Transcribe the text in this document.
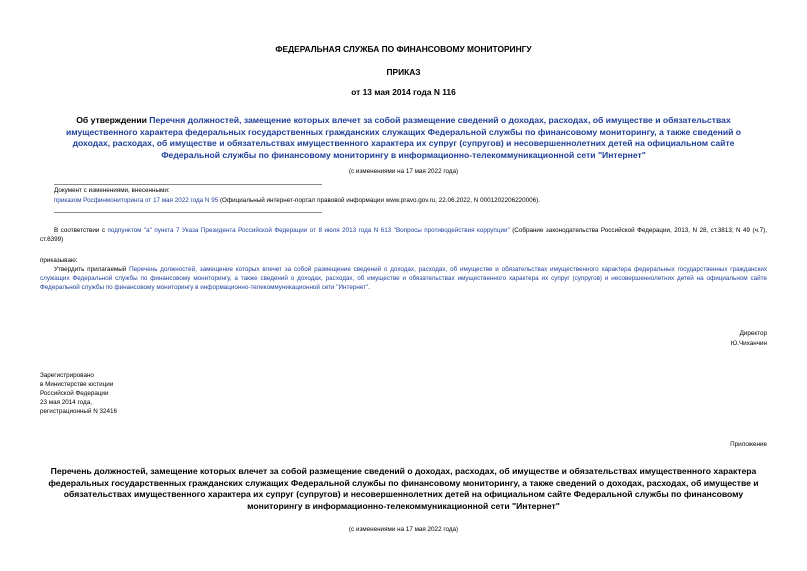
ФЕДЕРАЛЬНАЯ СЛУЖБА ПО ФИНАНСОВОМУ МОНИТОРИНГУ
ПРИКАЗ
от 13 мая 2014 года N 116
Об утверждении Перечня должностей, замещение которых влечет за собой размещение сведений о доходах, расходах, об имуществе и обязательствах имущественного характера федеральных государственных гражданских служащих Федеральной службы по финансовому мониторингу, а также сведений о доходах, расходах, об имуществе и обязательствах имущественного характера их супруг (супругов) и несовершеннолетних детей на официальном сайте Федеральной службы по финансовому мониторингу в информационно-телекоммуникационной сети "Интернет"
(с изменениями на 17 мая 2022 года)
Документ с изменениями, внесенными:
приказом Росфинмониторинга от 17 мая 2022 года N 95 (Официальный интернет-портал правовой информации www.pravo.gov.ru, 22.06.2022, N 0001202206220006).
В соответствии с подпунктом "а" пункта 7 Указа Президента Российской Федерации от 8 июля 2013 года N 613 "Вопросы противодействия коррупции" (Собрание законодательства Российской Федерации, 2013, N 28, ст.3813; N 49 (ч.7), ст.6399)
приказываю:
Утвердить прилагаемый Перечень должностей, замещение которых влечет за собой размещение сведений о доходах, расходах, об имуществе и обязательствах имущественного характера федеральных государственных гражданских служащих Федеральной службы по финансовому мониторингу, а также сведений о доходах, расходах, об имуществе и обязательствах имущественного характера их супруг (супругов) и несовершеннолетних детей на официальном сайте Федеральной службы по финансовому мониторингу в информационно-телекоммуникационной сети "Интернет".
Директор
Ю.Чиханчин
Зарегистрировано
в Министерстве юстиции
Российской Федерации
23 мая 2014 года,
регистрационный N 32416
Приложение
Перечень должностей, замещение которых влечет за собой размещение сведений о доходах, расходах, об имуществе и обязательствах имущественного характера федеральных государственных гражданских служащих Федеральной службы по финансовому мониторингу, а также сведений о доходах, расходах, об имуществе и обязательствах имущественного характера их супруг (супругов) и несовершеннолетних детей на официальном сайте Федеральной службы по финансовому мониторингу в информационно-телекоммуникационной сети "Интернет"
(с изменениями на 17 мая 2022 года)
